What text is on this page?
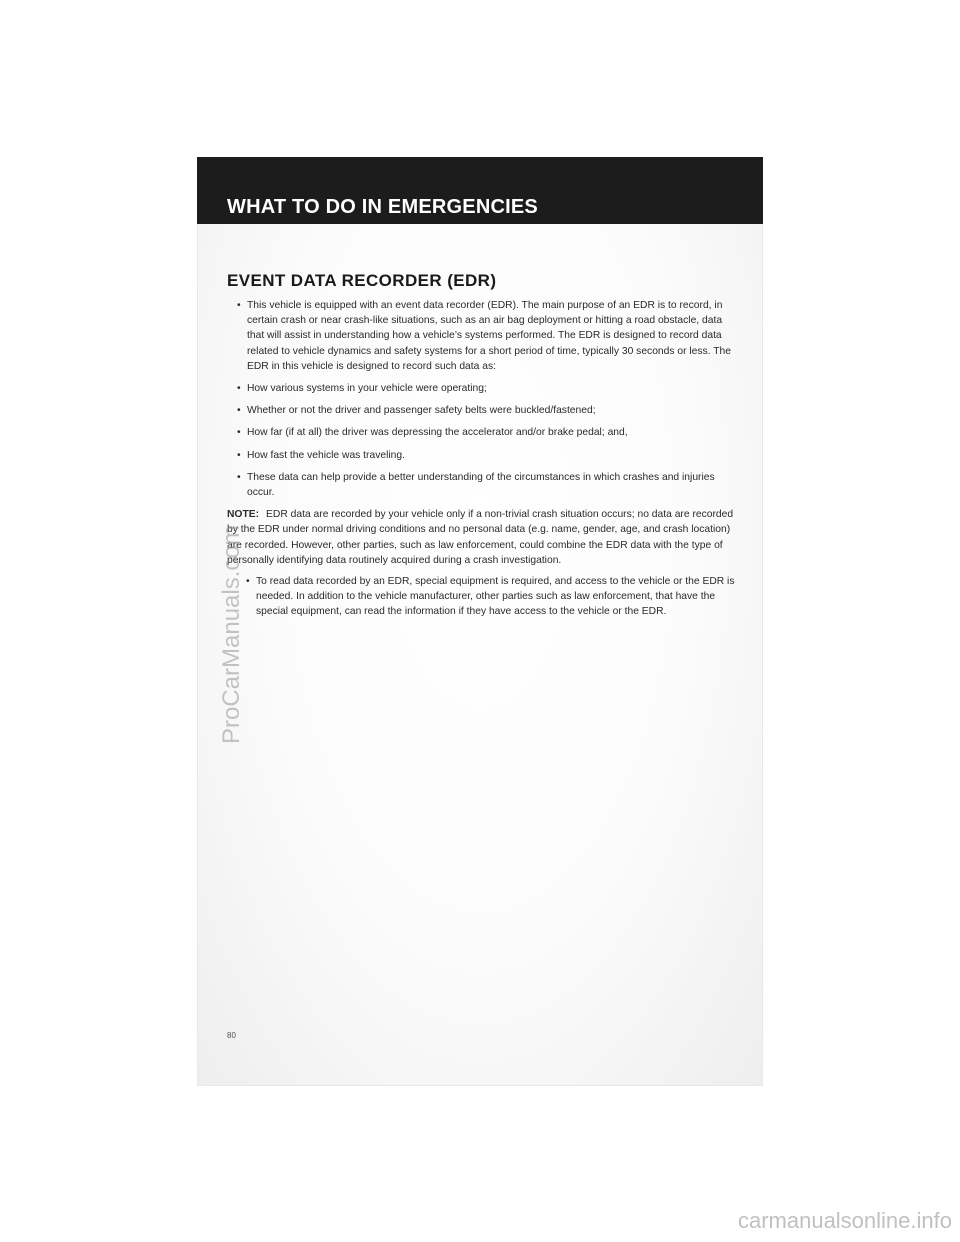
WHAT TO DO IN EMERGENCIES
EVENT DATA RECORDER (EDR)
• This vehicle is equipped with an event data recorder (EDR). The main purpose of an EDR is to record, in certain crash or near crash-like situations, such as an air bag deployment or hitting a road obstacle, data that will assist in understanding how a vehicle’s systems performed. The EDR is designed to record data related to vehicle dynamics and safety systems for a short period of time, typically 30 seconds or less. The EDR in this vehicle is designed to record such data as:
• How various systems in your vehicle were operating;
• Whether or not the driver and passenger safety belts were buckled/fastened;
• How far (if at all) the driver was depressing the accelerator and/or brake pedal; and,
• How fast the vehicle was traveling.
• These data can help provide a better understanding of the circumstances in which crashes and injuries occur.

NOTE: EDR data are recorded by your vehicle only if a non-trivial crash situation occurs; no data are recorded by the EDR under normal driving conditions and no personal data (e.g. name, gender, age, and crash location) are recorded. However, other parties, such as law enforcement, could combine the EDR data with the type of personally identifying data routinely acquired during a crash investigation.

• To read data recorded by an EDR, special equipment is required, and access to the vehicle or the EDR is needed. In addition to the vehicle manufacturer, other parties such as law enforcement, that have the special equipment, can read the information if they have access to the vehicle or the EDR.

80

ProCarManuals.com
carmanualsonline.info
